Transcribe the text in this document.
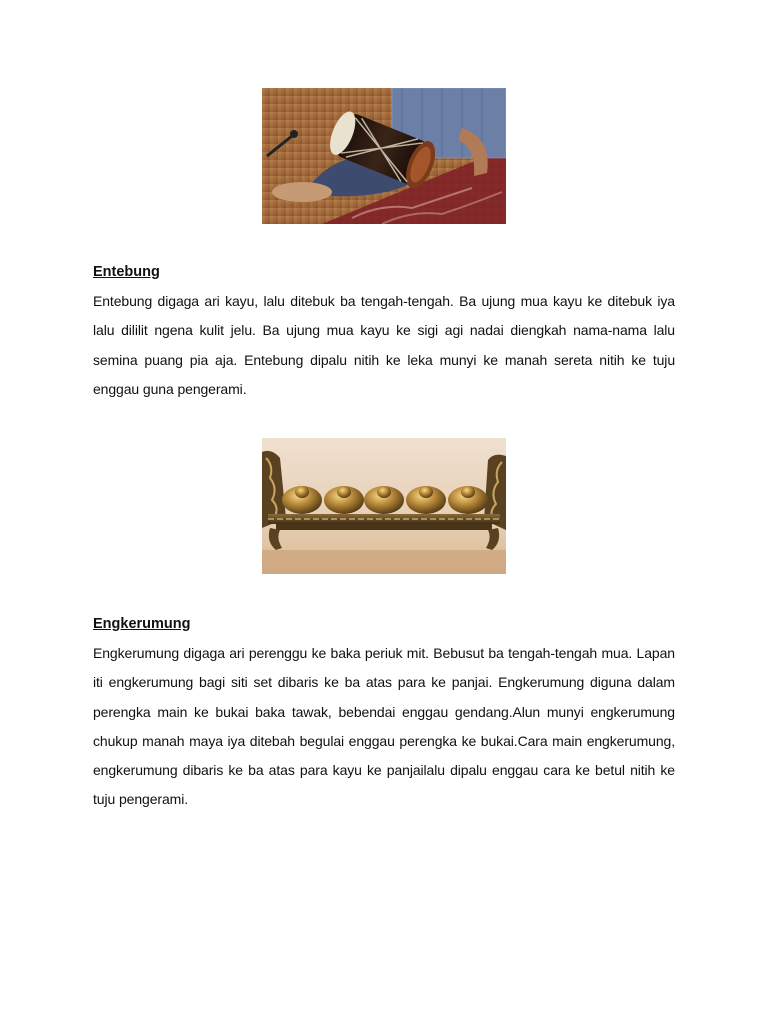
Entebung

Entebung digaga ari kayu, lalu ditebuk ba tengah-tengah. Ba ujung mua kayu ke ditebuk iya lalu dililit ngena kulit jelu. Ba ujung mua kayu ke sigi agi nadai diengkah nama-nama lalu semina puang pia aja. Entebung dipalu nitih ke leka munyi ke manah sereta nitih ke tuju enggau guna pengerami.

Engkerumung

Engkerumung digaga ari perenggu ke baka periuk mit. Bebusut ba tengah-tengah mua. Lapan iti engkerumung bagi siti set dibaris ke ba atas para ke panjai. Engkerumung diguna dalam perengka main ke bukai baka tawak, bebendai enggau gendang.Alun munyi engkerumung chukup manah maya iya ditebah begulai enggau perengka ke bukai.Cara main engkerumung, engkerumung dibaris ke ba atas para kayu ke panjailalu dipalu enggau cara ke betul nitih ke tuju pengerami.
